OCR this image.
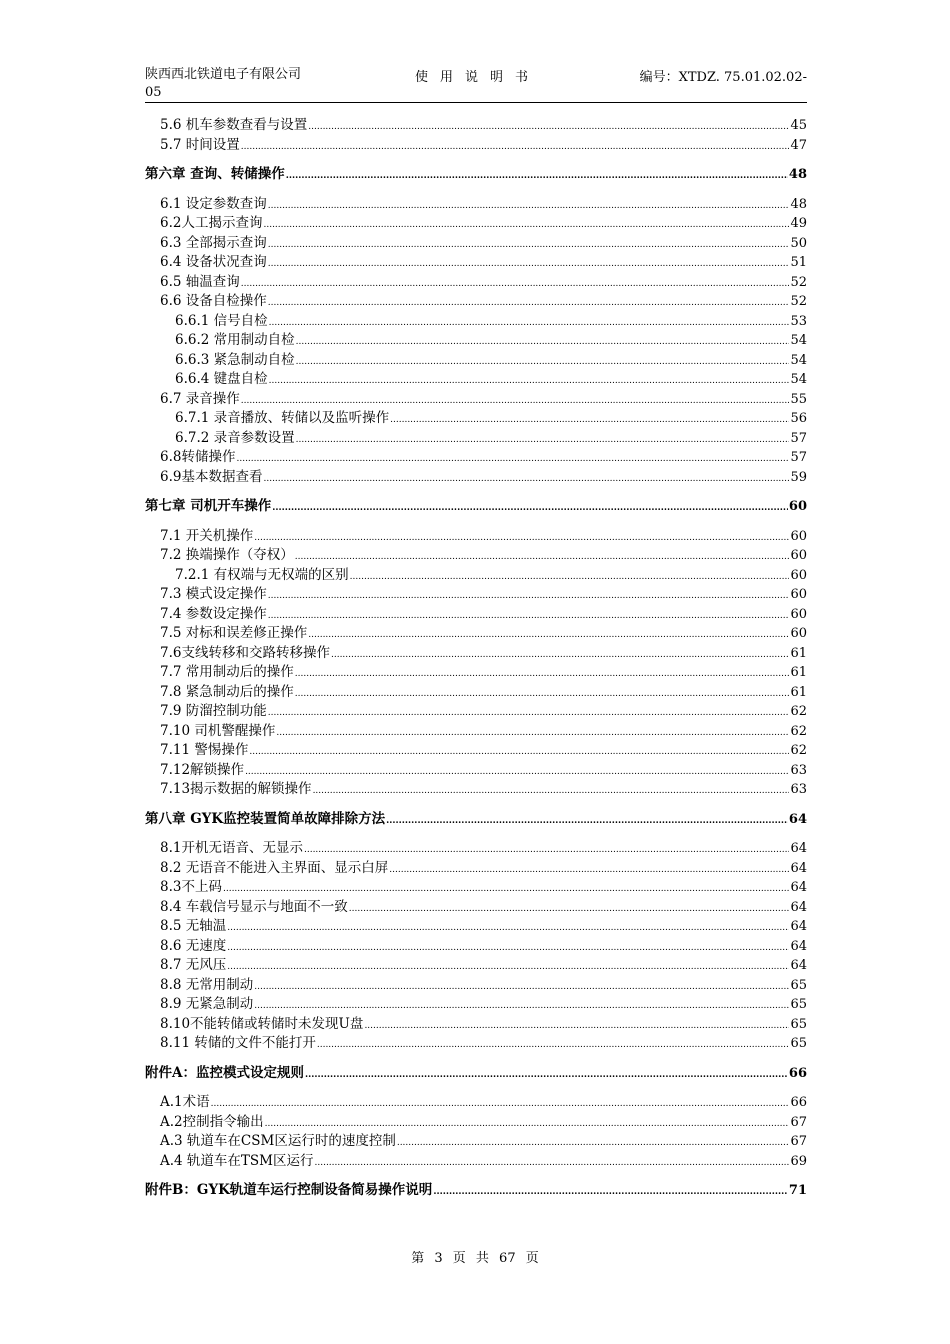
陕西西北铁道电子有限公司	使用说明书	编号：XTDZ. 75.01.02.02-
05
5.6 机车参数查看与设置 .....	45
5.7 时间设置 .....	47
第六章 查询、转储操作 .....	48
6.1 设定参数查询 .....	48
6.2人工揭示查询 .....	49
6.3 全部揭示查询 .....	50
6.4 设备状况查询 .....	51
6.5 轴温查询 .....	52
6.6 设备自检操作 .....	52
6.6.1 信号自检 .....	53
6.6.2 常用制动自检 .....	54
6.6.3 紧急制动自检 .....	54
6.6.4 键盘自检 .....	54
6.7 录音操作 .....	55
6.7.1 录音播放、转储以及监听操作 .....	56
6.7.2 录音参数设置 .....	57
6.8转储操作 .....	57
6.9基本数据查看 .....	59
第七章 司机开车操作 .....	60
7.1 开关机操作 .....	60
7.2 换端操作（夺权） .....	60
7.2.1 有权端与无权端的区别 .....	60
7.3 模式设定操作 .....	60
7.4 参数设定操作 .....	60
7.5 对标和误差修正操作 .....	60
7.6支线转移和交路转移操作 .....	61
7.7 常用制动后的操作 .....	61
7.8 紧急制动后的操作 .....	61
7.9 防溜控制功能 .....	62
7.10 司机警醒操作 .....	62
7.11 警惕操作 .....	62
7.12解锁操作 .....	63
7.13揭示数据的解锁操作 .....	63
第八章 GYK监控装置简单故障排除方法 .....	64
8.1开机无语音、无显示 .....	64
8.2 无语音不能进入主界面、显示白屏 .....	64
8.3不上码 .....	64
8.4 车载信号显示与地面不一致 .....	64
8.5 无轴温 .....	64
8.6 无速度 .....	64
8.7 无风压 .....	64
8.8 无常用制动 .....	65
8.9 无紧急制动 .....	65
8.10不能转储或转储时未发现U盘 .....	65
8.11 转储的文件不能打开 .....	65
附件A：监控模式设定规则 .....	66
A.1术语 .....	66
A.2控制指令输出 .....	67
A.3 轨道车在CSM区运行时的速度控制 .....	67
A.4 轨道车在TSM区运行 .....	69
附件B：GYK轨道车运行控制设备简易操作说明 .....	71
第 3 页 共 67 页
